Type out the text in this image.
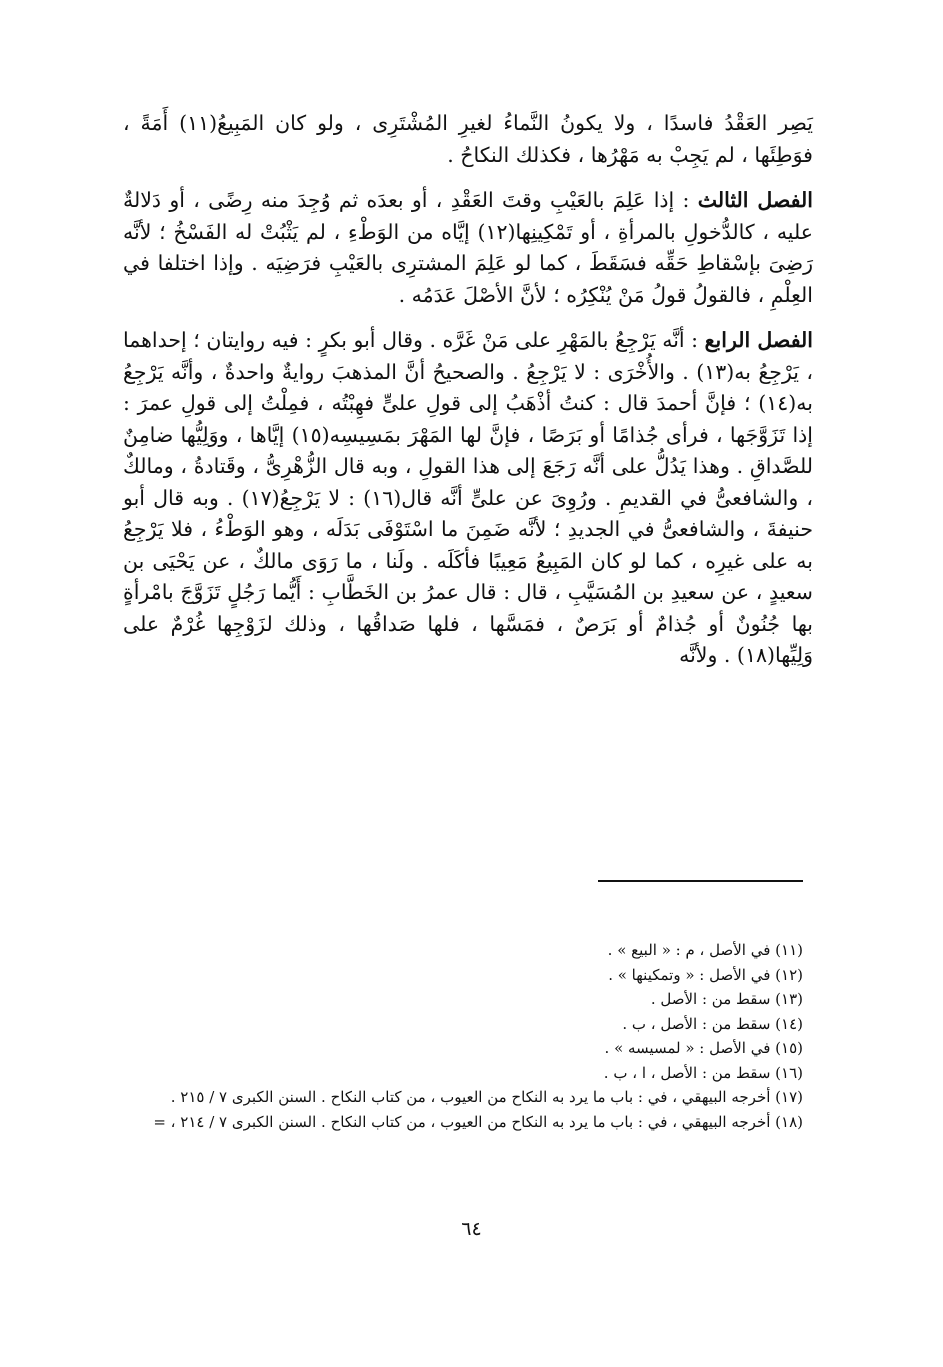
يَصِر العَقْدُ فاسدًا ، ولا يكونُ النَّماءُ لغيرِ المُشْتَرِى ، ولو كان المَبِيعُ(١١) أَمَةً ، فوَطِئَها ، لم يَجِبْ به مَهْرُها ، فكذلك النكاحُ .

الفصل الثالث : إذا عَلِمَ بالعَيْبِ وقتَ العَقْدِ ، أو بعدَه ثم وُجِدَ منه رِضًى ، أو دَلالةٌ عليه ، كالدُّخولِ بالمرأةِ ، أو تَمْكِينِها(١٢) إيَّاه من الوَطْءِ ، لم يَثْبُتْ له الفَسْخُ ؛ لأنَّه رَضِىَ بإسْقاطِ حَقِّه فسَقَطَ ، كما لو عَلِمَ المشترِى بالعَيْبِ فرَضِيَه . وإذا اختلفا في العِلْمِ ، فالقولُ قولُ مَنْ يُنْكِرُه ؛ لأنَّ الأصْلَ عَدَمُه .

الفصل الرابع : أنَّه يَرْجِعُ بالمَهْرِ على مَنْ غَرَّه . وقال أبو بكرٍ : فيه روايتان ؛ إحداهما ، يَرْجِعُ به(١٣) . والأُخْرَى : لا يَرْجِعُ . والصحيحُ أنَّ المذهبَ روايةٌ واحدةٌ ، وأنَّه يَرْجِعُ به(١٤) ؛ فإنَّ أحمدَ قال : كنتُ أذْهَبُ إلى قولِ علىٍّ فهِبْتُه ، فمِلْتُ إلى قولِ عمرَ : إذا تَزَوَّجَها ، فرأى جُذامًا أو بَرَصًا ، فإنَّ لها المَهْرَ بمَسِيسِه(١٥) إيَّاها ، ووَلِيُّها ضامِنٌ للصَّداقِ . وهذا يَدُلُّ على أنَّه رَجَعَ إلى هذا القولِ ، وبه قال الزُّهْرِىُّ ، وقَتادةُ ، ومالكٌ ، والشافعىُّ في القديمِ . ورُوِىَ عن علىٍّ أنَّه قال(١٦) : لا يَرْجِعُ(١٧) . وبه قال أبو حنيفةَ ، والشافعىُّ في الجديدِ ؛ لأنَّه ضَمِنَ ما اسْتَوْفَى بَدَلَه ، وهو الوَطْءُ ، فلا يَرْجِعُ به على غيرِه ، كما لو كان المَبِيعُ مَعِيبًا فأكَلَه . ولَنا ، ما رَوَى مالكٌ ، عن يَحْيَى بن سعيدٍ ، عن سعيدِ بن المُسَيَّبِ ، قال : قال عمرُ بن الخَطَّابِ : أَيُّما رَجُلٍ تَزَوَّجَ بامْرأةٍ بها جُنُونٌ أو جُذامٌ أو بَرَصٌ ، فمَسَّها ، فلها صَداقُها ، وذلك لزَوْجِها غُرْمٌ على وَلِيِّها(١٨) . ولأنَّه

(١١) في الأصل ، م : « البيع » .
(١٢) في الأصل : « وتمكينها » .
(١٣) سقط من : الأصل .
(١٤) سقط من : الأصل ، ب .
(١٥) في الأصل : « لمسيسه » .
(١٦) سقط من : الأصل ، ا ، ب .
(١٧) أخرجه البيهقي ، في : باب ما يرد به النكاح من العيوب ، من كتاب النكاح . السنن الكبرى ٧ / ٢١٥ .
(١٨) أخرجه البيهقي ، في : باب ما يرد به النكاح من العيوب ، من كتاب النكاح . السنن الكبرى ٧ / ٢١٤ ، =
٦٤
